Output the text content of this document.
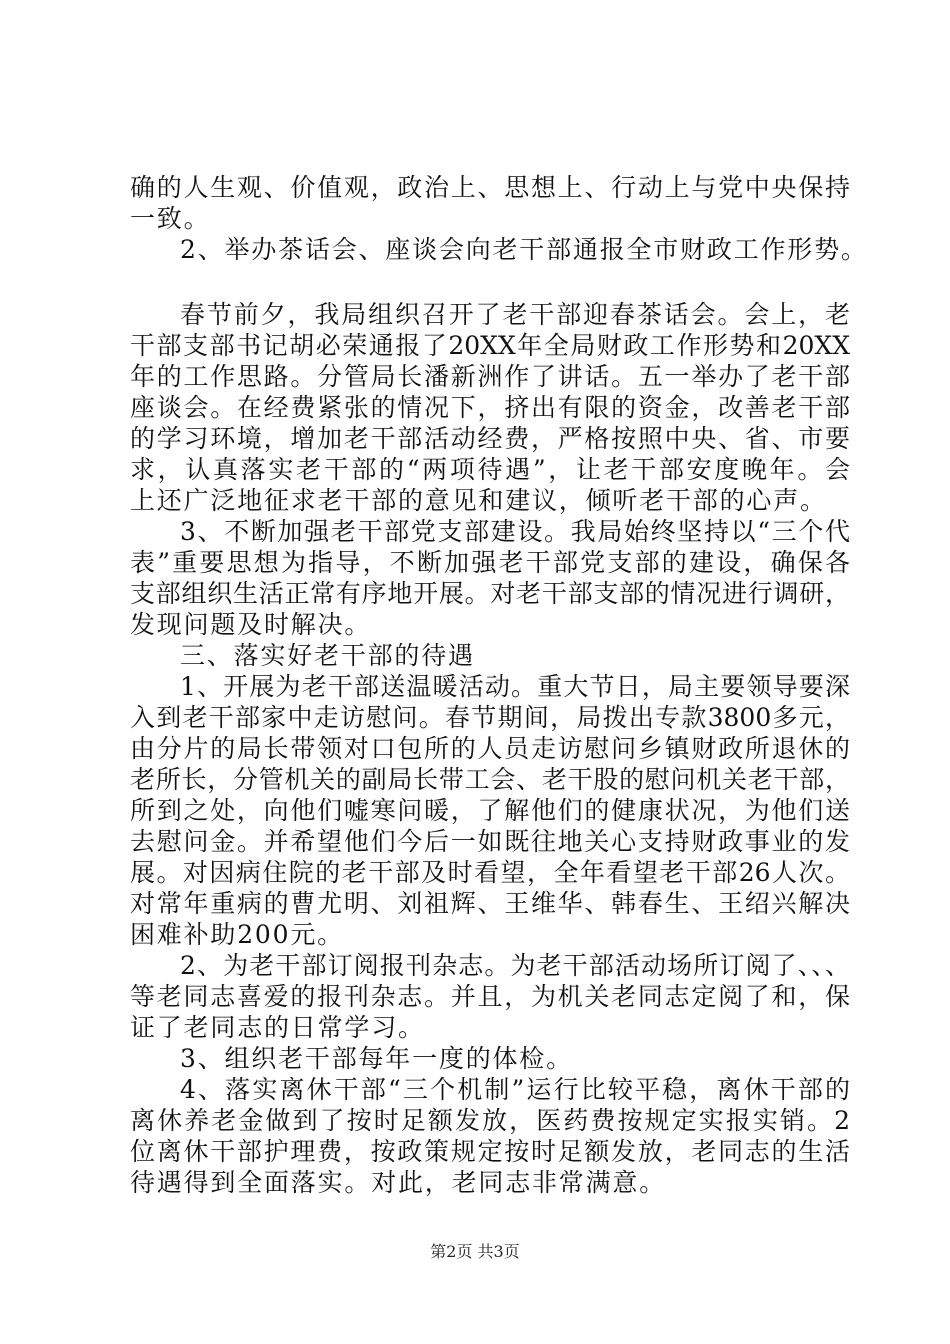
确的人生观、价值观，政治上、思想上、行动上与党中央保持
一致。
2、举办茶话会、座谈会向老干部通报全市财政工作形势。
春节前夕，我局组织召开了老干部迎春茶话会。会上，老
干部支部书记胡必荣通报了20XX年全局财政工作形势和20XX
年的工作思路。分管局长潘新洲作了讲话。五一举办了老干部
座谈会。在经费紧张的情况下，挤出有限的资金，改善老干部
的学习环境，增加老干部活动经费，严格按照中央、省、市要
求，认真落实老干部的“两项待遇”，让老干部安度晚年。会
上还广泛地征求老干部的意见和建议，倾听老干部的心声。
3、不断加强老干部党支部建设。我局始终坚持以“三个代
表”重要思想为指导，不断加强老干部党支部的建设，确保各
支部组织生活正常有序地开展。对老干部支部的情况进行调研，
发现问题及时解决。
三、落实好老干部的待遇
1、开展为老干部送温暖活动。重大节日，局主要领导要深
入到老干部家中走访慰问。春节期间，局拨出专款3800多元，
由分片的局长带领对口包所的人员走访慰问乡镇财政所退休的
老所长，分管机关的副局长带工会、老干股的慰问机关老干部，
所到之处，向他们嘘寒问暖，了解他们的健康状况，为他们送
去慰问金。并希望他们今后一如既往地关心支持财政事业的发
展。对因病住院的老干部及时看望，全年看望老干部26人次。
对常年重病的曹尤明、刘祖辉、王维华、韩春生、王绍兴解决
困难补助200元。
2、为老干部订阅报刊杂志。为老干部活动场所订阅了、、、
等老同志喜爱的报刊杂志。并且，为机关老同志定阅了和，保
证了老同志的日常学习。
3、组织老干部每年一度的体检。
4、落实离休干部“三个机制”运行比较平稳，离休干部的
离休养老金做到了按时足额发放，医药费按规定实报实销。2
位离休干部护理费，按政策规定按时足额发放，老同志的生活
待遇得到全面落实。对此，老同志非常满意。
第2页 共3页
